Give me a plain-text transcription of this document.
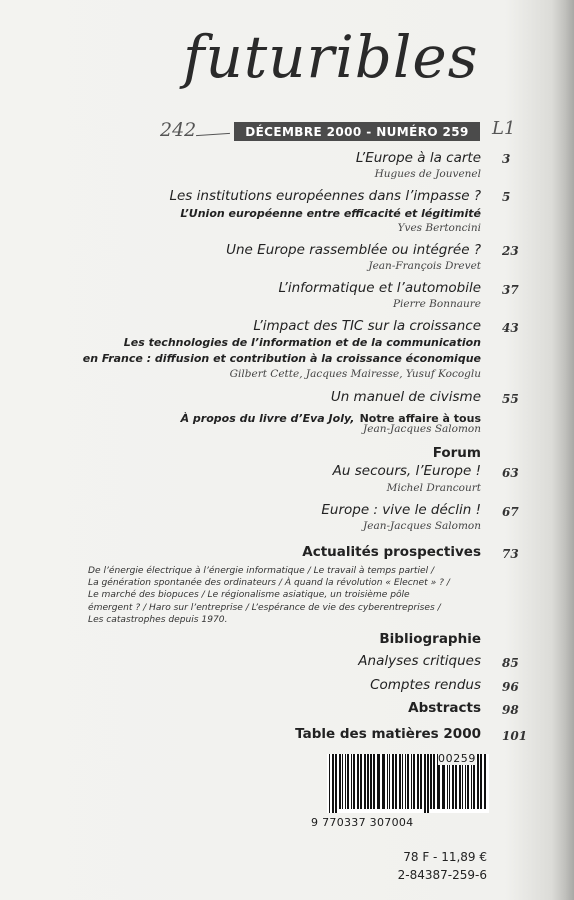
futuribles
242	L1
DÉCEMBRE 2000 - NUMÉRO 259
L’Europe à la carte 3
Hugues de Jouvenel
Les institutions européennes dans l’impasse ? 5
L’Union européenne entre efficacité et légitimité
Yves Bertoncini
Une Europe rassemblée ou intégrée ? 23
Jean-François Drevet
L’informatique et l’automobile 37
Pierre Bonnaure
L’impact des TIC sur la croissance 43
Les technologies de l’information et de la communication
en France : diffusion et contribution à la croissance économique
Gilbert Cette, Jacques Mairesse, Yusuf Kocoglu
Un manuel de civisme 55
À propos du livre d’Eva Joly, Notre affaire à tous
Jean-Jacques Salomon
Forum
Au secours, l’Europe ! 63
Michel Drancourt
Europe : vive le déclin ! 67
Jean-Jacques Salomon
Actualités prospectives 73
De l’énergie électrique à l’énergie informatique / Le travail à temps partiel /
La génération spontanée des ordinateurs / À quand la révolution « Elecnet » ? /
Le marché des biopuces / Le régionalisme asiatique, un troisième pôle
émergent ? / Haro sur l’entreprise / L’espérance de vie des cyberentreprises /
Les catastrophes depuis 1970.
Bibliographie
Analyses critiques 85
Comptes rendus 96
Abstracts 98
Table des matières 2000 101
00259
9 770337 307004
78 F - 11,89 €
2-84387-259-6
